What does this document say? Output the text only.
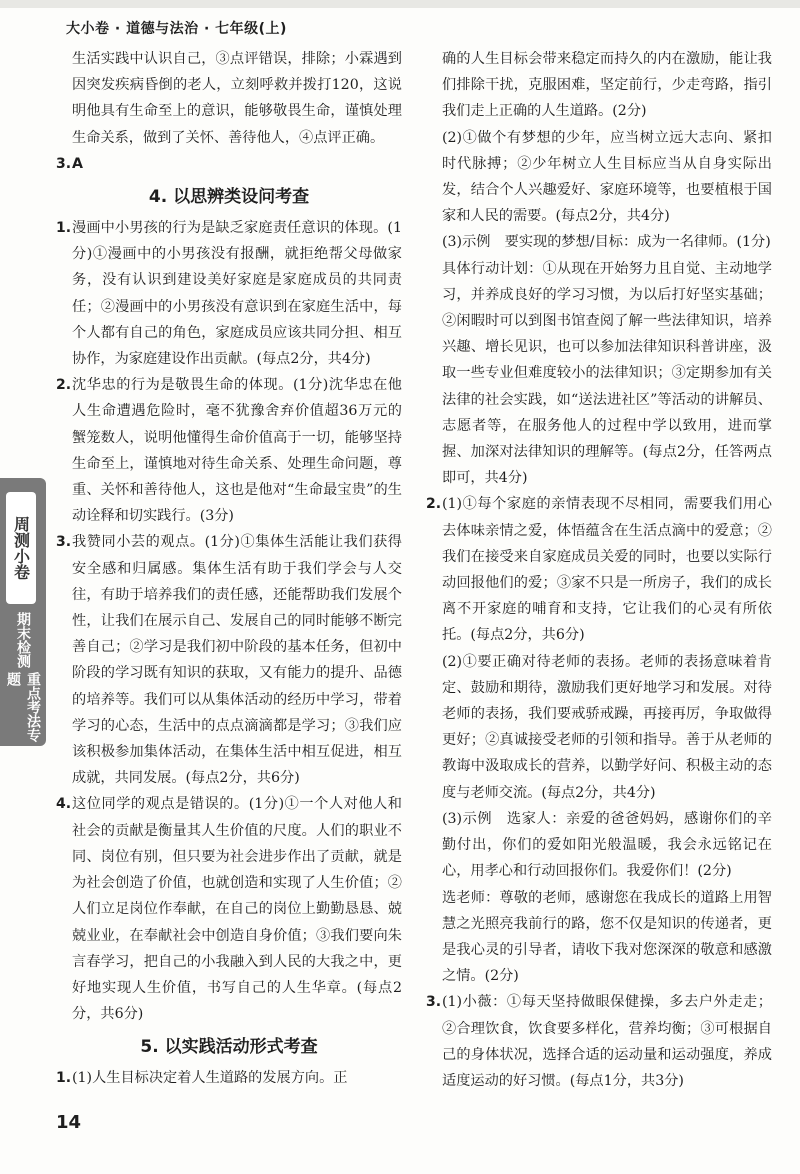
大小卷 · 道德与法治 · 七年级(上)
周测小卷
期末检测
重点考法专题

生活实践中认识自己，③点评错误，排除；小霖遇到因突发疾病昏倒的老人，立刻呼救并拨打120，这说明他具有生命至上的意识，能够敬畏生命，谨慎处理生命关系，做到了关怀、善待他人，④点评正确。

3. A
4. 以思辨类设问考查
1. 漫画中小男孩的行为是缺乏家庭责任意识的体现。(1分)①漫画中的小男孩没有报酬，就拒绝帮父母做家务，没有认识到建设美好家庭是家庭成员的共同责任；②漫画中的小男孩没有意识到在家庭生活中，每个人都有自己的角色，家庭成员应该共同分担、相互协作，为家庭建设作出贡献。(每点2分，共4分)
2. 沈华忠的行为是敬畏生命的体现。(1分)沈华忠在他人生命遭遇危险时，毫不犹豫舍弃价值超36万元的蟹笼数人，说明他懂得生命价值高于一切，能够坚持生命至上，谨慎地对待生命关系、处理生命问题，尊重、关怀和善待他人，这也是他对“生命最宝贵”的生动诠释和切实践行。(3分)
3. 我赞同小芸的观点。(1分)①集体生活能让我们获得安全感和归属感。集体生活有助于我们学会与人交往，有助于培养我们的责任感，还能帮助我们发展个性，让我们在展示自己、发展自己的同时能够不断完善自己；②学习是我们初中阶段的基本任务，但初中阶段的学习既有知识的获取，又有能力的提升、品德的培养等。我们可以从集体活动的经历中学习，带着学习的心态，生活中的点点滴滴都是学习；③我们应该积极参加集体活动，在集体生活中相互促进，相互成就，共同发展。(每点2分，共6分)
4. 这位同学的观点是错误的。(1分)①一个人对他人和社会的贡献是衡量其人生价值的尺度。人们的职业不同、岗位有别，但只要为社会进步作出了贡献，就是为社会创造了价值，也就创造和实现了人生价值；②人们立足岗位作奉献，在自己的岗位上勤勤恳恳、兢兢业业，在奉献社会中创造自身价值；③我们要向朱言春学习，把自己的小我融入到人民的大我之中，更好地实现人生价值，书写自己的人生华章。(每点2分，共6分)
5. 以实践活动形式考查
1. (1)人生目标决定着人生道路的发展方向。正

确的人生目标会带来稳定而持久的内在激励，能让我们排除干扰，克服困难，坚定前行，少走弯路，指引我们走上正确的人生道路。(2分)

(2)①做个有梦想的少年，应当树立远大志向、紧扣时代脉搏；②少年树立人生目标应当从自身实际出发，结合个人兴趣爱好、家庭环境等，也要植根于国家和人民的需要。(每点2分，共4分)

(3)示例　要实现的梦想/目标：成为一名律师。(1分)

具体行动计划：①从现在开始努力且自觉、主动地学习，并养成良好的学习习惯，为以后打好坚实基础；②闲暇时可以到图书馆查阅了解一些法律知识，培养兴趣、增长见识，也可以参加法律知识科普讲座，汲取一些专业但难度较小的法律知识；③定期参加有关法律的社会实践，如“送法进社区”等活动的讲解员、志愿者等，在服务他人的过程中学以致用，进而掌握、加深对法律知识的理解等。(每点2分，任答两点即可，共4分)

2. (1)①每个家庭的亲情表现不尽相同，需要我们用心去体味亲情之爱，体悟蕴含在生活点滴中的爱意；②我们在接受来自家庭成员关爱的同时，也要以实际行动回报他们的爱；③家不只是一所房子，我们的成长离不开家庭的哺育和支持，它让我们的心灵有所依托。(每点2分，共6分)

(2)①要正确对待老师的表扬。老师的表扬意味着肯定、鼓励和期待，激励我们更好地学习和发展。对待老师的表扬，我们要戒骄戒躁，再接再厉，争取做得更好；②真诚接受老师的引领和指导。善于从老师的教诲中汲取成长的营养，以勤学好问、积极主动的态度与老师交流。(每点2分，共4分)

(3)示例　选家人：亲爱的爸爸妈妈，感谢你们的辛勤付出，你们的爱如阳光般温暖，我会永远铭记在心，用孝心和行动回报你们。我爱你们！(2分)

选老师：尊敬的老师，感谢您在我成长的道路上用智慧之光照亮我前行的路，您不仅是知识的传递者，更是我心灵的引导者，请收下我对您深深的敬意和感激之情。(2分)

3. (1)小薇：①每天坚持做眼保健操，多去户外走走；②合理饮食，饮食要多样化，营养均衡；③可根据自己的身体状况，选择合适的运动量和运动强度，养成适度运动的好习惯。(每点1分，共3分)
14
